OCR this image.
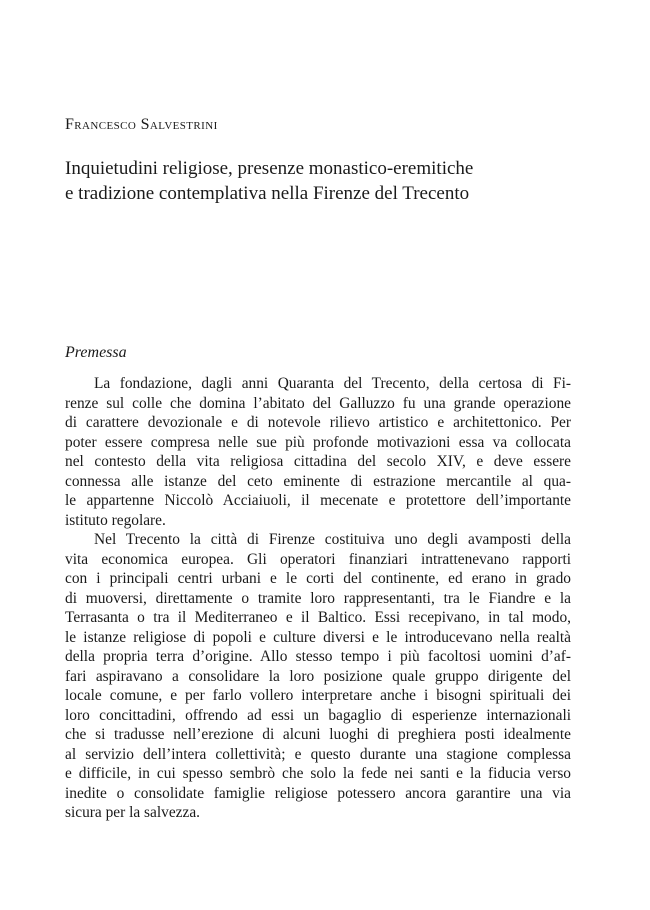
Francesco Salvestrini
Inquietudini religiose, presenze monastico-eremitiche
e tradizione contemplativa nella Firenze del Trecento
Premessa
La fondazione, dagli anni Quaranta del Trecento, della certosa di Fi-
renze sul colle che domina l’abitato del Galluzzo fu una grande operazione
di carattere devozionale e di notevole rilievo artistico e architettonico. Per
poter essere compresa nelle sue più profonde motivazioni essa va collocata
nel contesto della vita religiosa cittadina del secolo XIV, e deve essere
connessa alle istanze del ceto eminente di estrazione mercantile al qua-
le appartenne Niccolò Acciaiuoli, il mecenate e protettore dell’importante
istituto regolare.
Nel Trecento la città di Firenze costituiva uno degli avamposti della
vita economica europea. Gli operatori finanziari intrattenevano rapporti
con i principali centri urbani e le corti del continente, ed erano in grado
di muoversi, direttamente o tramite loro rappresentanti, tra le Fiandre e la
Terrasanta o tra il Mediterraneo e il Baltico. Essi recepivano, in tal modo,
le istanze religiose di popoli e culture diversi e le introducevano nella realtà
della propria terra d’origine. Allo stesso tempo i più facoltosi uomini d’af-
fari aspiravano a consolidare la loro posizione quale gruppo dirigente del
locale comune, e per farlo vollero interpretare anche i bisogni spirituali dei
loro concittadini, offrendo ad essi un bagaglio di esperienze internazionali
che si tradusse nell’erezione di alcuni luoghi di preghiera posti idealmente
al servizio dell’intera collettività; e questo durante una stagione complessa
e difficile, in cui spesso sembrò che solo la fede nei santi e la fiducia verso
inedite o consolidate famiglie religiose potessero ancora garantire una via
sicura per la salvezza.
